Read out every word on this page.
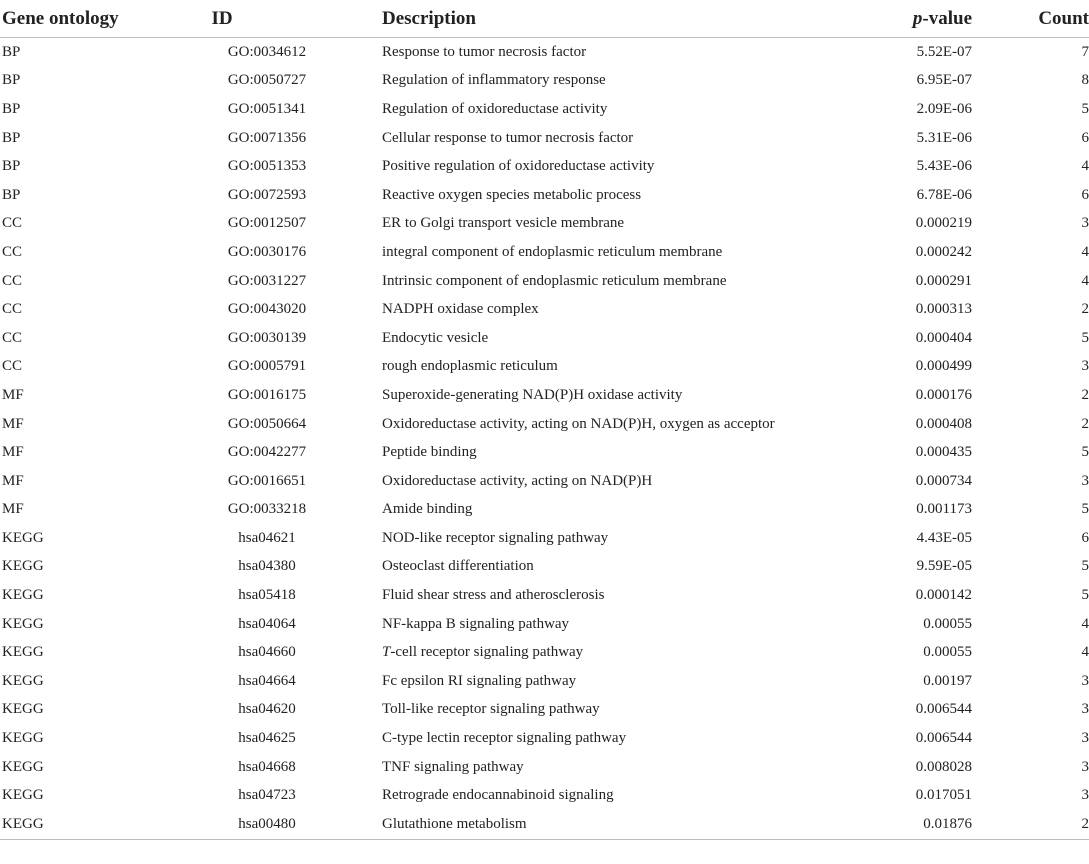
Gene ontology	ID	Description	p-value	Count
BP	GO:0034612	Response to tumor necrosis factor	5.52E-07	7
BP	GO:0050727	Regulation of inflammatory response	6.95E-07	8
BP	GO:0051341	Regulation of oxidoreductase activity	2.09E-06	5
BP	GO:0071356	Cellular response to tumor necrosis factor	5.31E-06	6
BP	GO:0051353	Positive regulation of oxidoreductase activity	5.43E-06	4
BP	GO:0072593	Reactive oxygen species metabolic process	6.78E-06	6
CC	GO:0012507	ER to Golgi transport vesicle membrane	0.000219	3
CC	GO:0030176	integral component of endoplasmic reticulum membrane	0.000242	4
CC	GO:0031227	Intrinsic component of endoplasmic reticulum membrane	0.000291	4
CC	GO:0043020	NADPH oxidase complex	0.000313	2
CC	GO:0030139	Endocytic vesicle	0.000404	5
CC	GO:0005791	rough endoplasmic reticulum	0.000499	3
MF	GO:0016175	Superoxide-generating NAD(P)H oxidase activity	0.000176	2
MF	GO:0050664	Oxidoreductase activity, acting on NAD(P)H, oxygen as acceptor	0.000408	2
MF	GO:0042277	Peptide binding	0.000435	5
MF	GO:0016651	Oxidoreductase activity, acting on NAD(P)H	0.000734	3
MF	GO:0033218	Amide binding	0.001173	5
KEGG	hsa04621	NOD-like receptor signaling pathway	4.43E-05	6
KEGG	hsa04380	Osteoclast differentiation	9.59E-05	5
KEGG	hsa05418	Fluid shear stress and atherosclerosis	0.000142	5
KEGG	hsa04064	NF-kappa B signaling pathway	0.00055	4
KEGG	hsa04660	T-cell receptor signaling pathway	0.00055	4
KEGG	hsa04664	Fc epsilon RI signaling pathway	0.00197	3
KEGG	hsa04620	Toll-like receptor signaling pathway	0.006544	3
KEGG	hsa04625	C-type lectin receptor signaling pathway	0.006544	3
KEGG	hsa04668	TNF signaling pathway	0.008028	3
KEGG	hsa04723	Retrograde endocannabinoid signaling	0.017051	3
KEGG	hsa00480	Glutathione metabolism	0.01876	2
